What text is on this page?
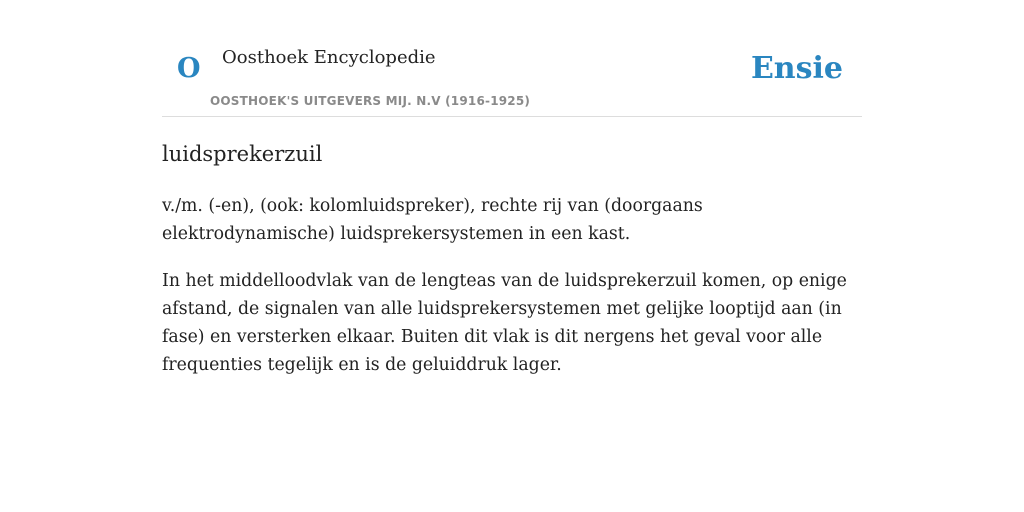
O Oosthoek Encyclopedie
OOSTHOEK'S UITGEVERS MIJ. N.V (1916-1925)
Ensie
luidsprekerzuil

v./m. (-en), (ook: kolomluidspreker), rechte rij van (doorgaans elektrodynamische) luidsprekersystemen in een kast.

In het middelloodvlak van de lengteas van de luidsprekerzuil komen, op enige afstand, de signalen van alle luidsprekersystemen met gelijke looptijd aan (in fase) en versterken elkaar. Buiten dit vlak is dit nergens het geval voor alle frequenties tegelijk en is de geluiddruk lager.
